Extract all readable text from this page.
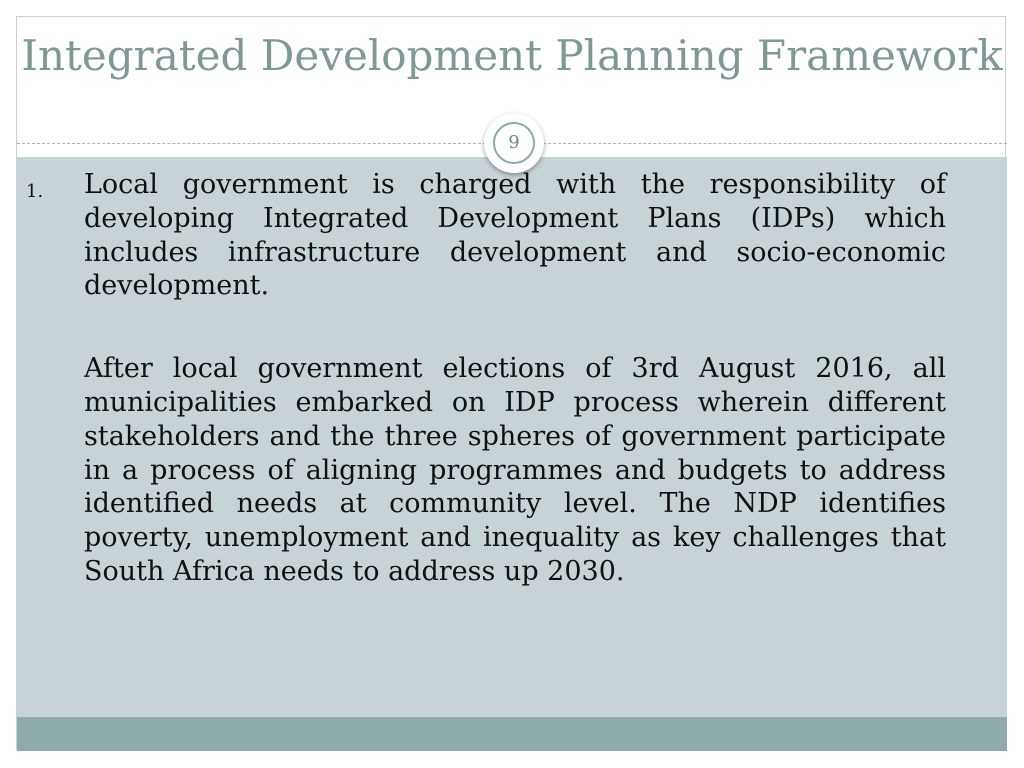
Integrated Development Planning Framework
9
1. Local government is charged with the responsibility of developing Integrated Development Plans (IDPs) which includes infrastructure development and socio-economic development.

After local government elections of 3rd August 2016, all municipalities embarked on IDP process wherein different stakeholders and the three spheres of government participate in a process of aligning programmes and budgets to address identified needs at community level. The NDP identifies poverty, unemployment and inequality as key challenges that South Africa needs to address up 2030.
